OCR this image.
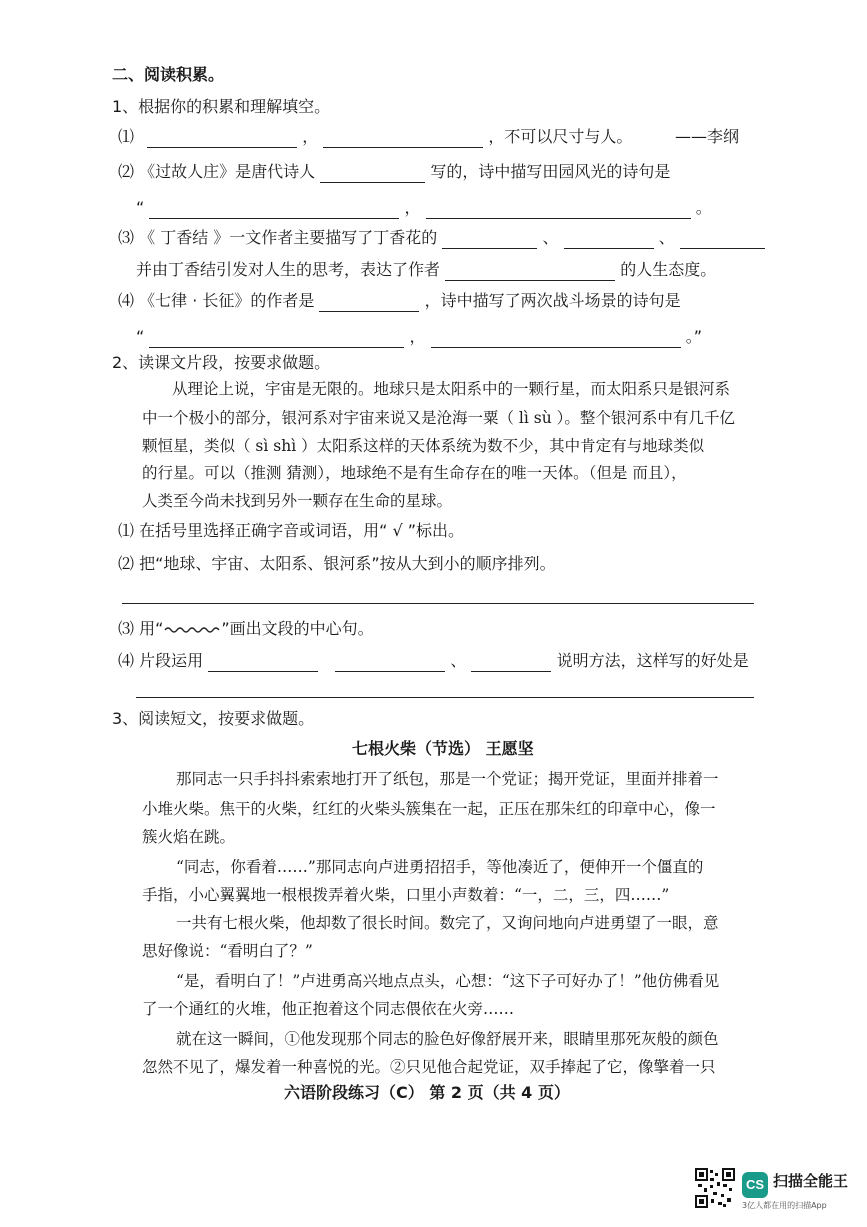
二、阅读积累。
1、根据你的积累和理解填空。
⑴	，	，不可以尺寸与人。	——李纲
⑵ 《过故人庄》是唐代诗人	写的，诗中描写田园风光的诗句是
“	，	。
⑶ 《 丁香结 》一文作者主要描写了丁香花的	、	、
并由丁香结引发对人生的思考，表达了作者	的人生态度。
⑷ 《七律 · 长征》的作者是	，诗中描写了两次战斗场景的诗句是
“	，	。”
2、读课文片段，按要求做题。
从理论上说，宇宙是无限的。地球只是太阳系中的一颗行星，而太阳系只是银河系
中一个极小的部分，银河系对宇宙来说又是沧海一粟（ lì sù ）。整个银河系中有几千亿
颗恒星，类似（ sì shì ）太阳系这样的天体系统为数不少，其中肯定有与地球类似
的行星。可以（推测 猜测），地球绝不是有生命存在的唯一天体。（但是 而且），
人类至今尚未找到另外一颗存在生命的星球。
⑴ 在括号里选择正确字音或词语，用“ √ ”标出。
⑵ 把“地球、宇宙、太阳系、银河系”按从大到小的顺序排列。
⑶ 用“	”画出文段的中心句。
⑷ 片段运用	、	说明方法，这样写的好处是
3、阅读短文，按要求做题。
七根火柴（节选） 王愿坚
那同志一只手抖抖索索地打开了纸包，那是一个党证；揭开党证，里面并排着一
小堆火柴。焦干的火柴，红红的火柴头簇集在一起，正压在那朱红的印章中心，像一
簇火焰在跳。
“同志，你看着……”那同志向卢进勇招招手，等他凑近了，便伸开一个僵直的
手指，小心翼翼地一根根拨弄着火柴，口里小声数着：“一，二，三，四……”
一共有七根火柴，他却数了很长时间。数完了，又询问地向卢进勇望了一眼，意
思好像说：“看明白了？”
“是，看明白了！”卢进勇高兴地点点头，心想：“这下子可好办了！”他仿佛看见
了一个通红的火堆，他正抱着这个同志偎依在火旁……
就在这一瞬间，①他发现那个同志的脸色好像舒展开来，眼睛里那死灰般的颜色
忽然不见了，爆发着一种喜悦的光。②只见他合起党证，双手捧起了它，像擎着一只
六语阶段练习（C） 第 2 页（共 4 页）
CS 扫描全能王
3亿人都在用的扫描App
